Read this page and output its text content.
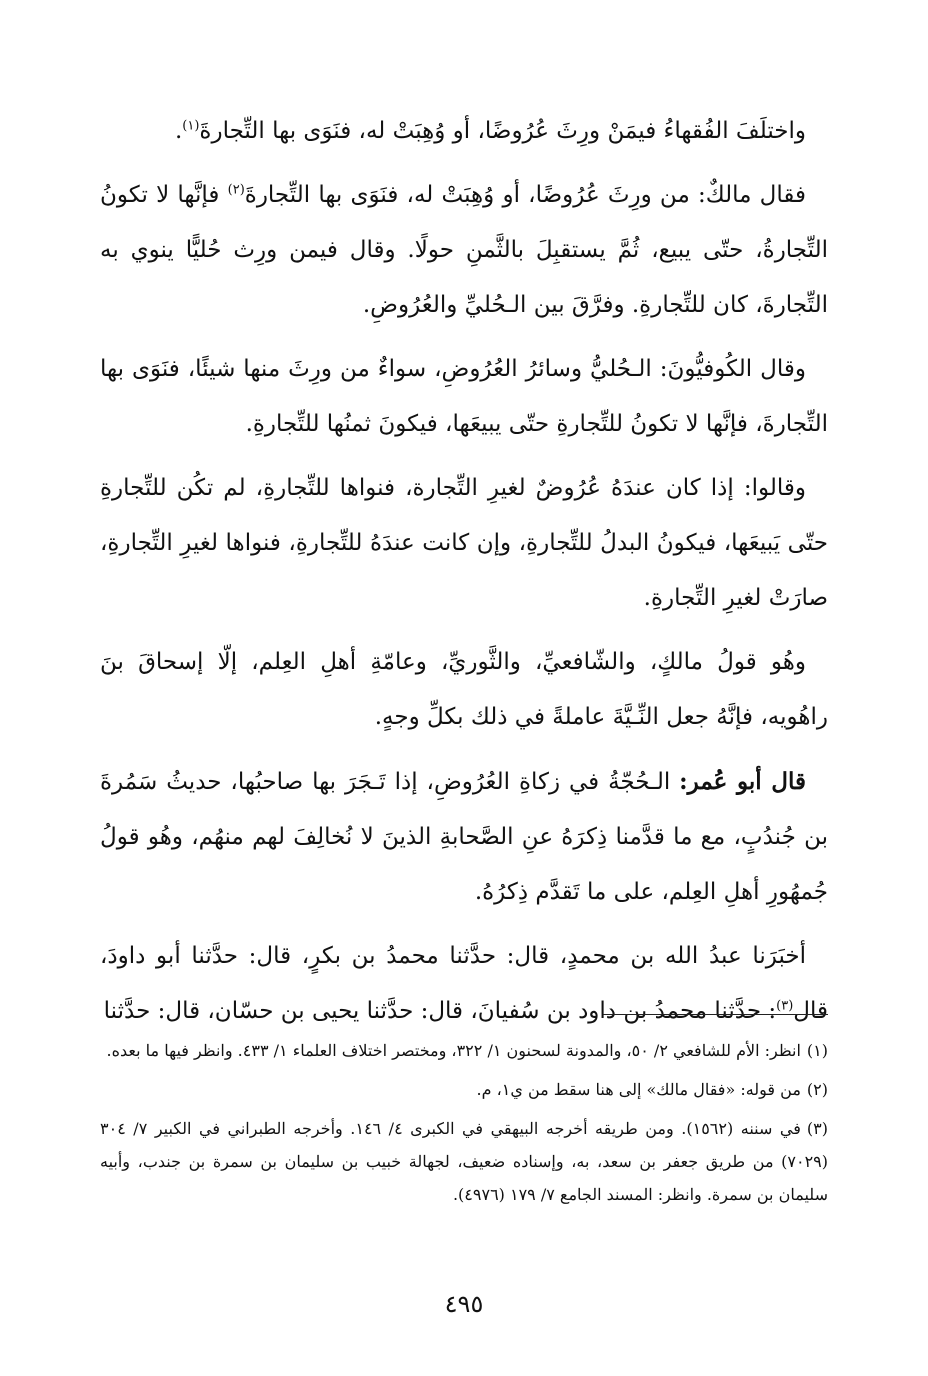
واختلَفَ الفُقهاءُ فيمَنْ ورِثَ عُرُوضًا، أو وُهِبَتْ له، فنَوَى بها التِّجارةَ$^{(١)}$.

فقال مالكٌ: من ورِثَ عُرُوضًا، أو وُهِبَتْ له، فنَوَى بها التِّجارةَ$^{(٢)}$ فإنَّها لا تكونُ التِّجارةُ، حتّى يبيع، ثُمَّ يستقبِلَ بالثَّمنِ حولًا. وقال فيمن ورِث حُليًّا ينوي به التِّجارةَ، كان للتِّجارةِ. وفرَّقَ بين الـحُليِّ والعُرُوضِ.

وقال الكُوفيُّونَ: الـحُليُّ وسائرُ العُرُوضِ، سواءٌ من ورِثَ منها شيئًا، فنَوَى بها التِّجارةَ، فإنَّها لا تكونُ للتِّجارةِ حتّى يبيعَها، فيكونَ ثمنُها للتِّجارةِ.

وقالوا: إذا كان عندَهُ عُرُوضٌ لغيرِ التِّجارة، فنواها للتِّجارةِ، لم تكُن للتِّجارةِ حتّى يَبيعَها، فيكونُ البدلُ للتِّجارةِ، وإن كانت عندَهُ للتِّجارةِ، فنواها لغيرِ التِّجارةِ، صارَتْ لغيرِ التِّجارةِ.

وهُو قولُ مالكٍ، والشّافعيِّ، والثَّوريِّ، وعامّةِ أهلِ العِلم، إلّا إسحاقَ بنَ راهُويه، فإنَّهُ جعل النِّـيَّةَ عاملةً في ذلك بكلِّ وجهٍ.

قال أبو عُمر: الـحُجّةُ في زكاةِ العُرُوضِ، إذا تَـجَرَ بها صاحبُها، حديثُ سَمُرةَ بن جُندُبٍ، مع ما قدَّمنا ذِكرَهُ عنِ الصَّحابةِ الذينَ لا نُخالِفَ لهم منهُم، وهُو قولُ جُمهُورِ أهلِ العِلم، على ما تَقدَّم ذِكرُهُ.

أخبَرَنا عبدُ الله بن محمدٍ، قال: حدَّثنا محمدُ بن بكرٍ، قال: حدَّثنا أبو داودَ، قال$^{(٣)}$: حدَّثنا محمدُ بن داود بن سُفيانَ، قال: حدَّثنا يحيى بن حسّان، قال: حدَّثنا

(١)انظر: الأم للشافعي ٢/ ٥٠، والمدونة لسحنون ١/ ٣٢٢، ومختصر اختلاف العلماء ١/ ٤٣٣. وانظر فيها ما بعده.

(٢)من قوله: «فقال مالك» إلى هنا سقط من ي١، م.

(٣)في سننه (١٥٦٢). ومن طريقه أخرجه البيهقي في الكبرى ٤/ ١٤٦. وأخرجه الطبراني في الكبير ٧/ ٣٠٤ (٧٠٢٩) من طريق جعفر بن سعد، به، وإسناده ضعيف، لجهالة خبيب بن سليمان بن سمرة بن جندب، وأبيه سليمان بن سمرة. وانظر: المسند الجامع ٧/ ١٧٩ (٤٩٧٦).

٤٩٥
